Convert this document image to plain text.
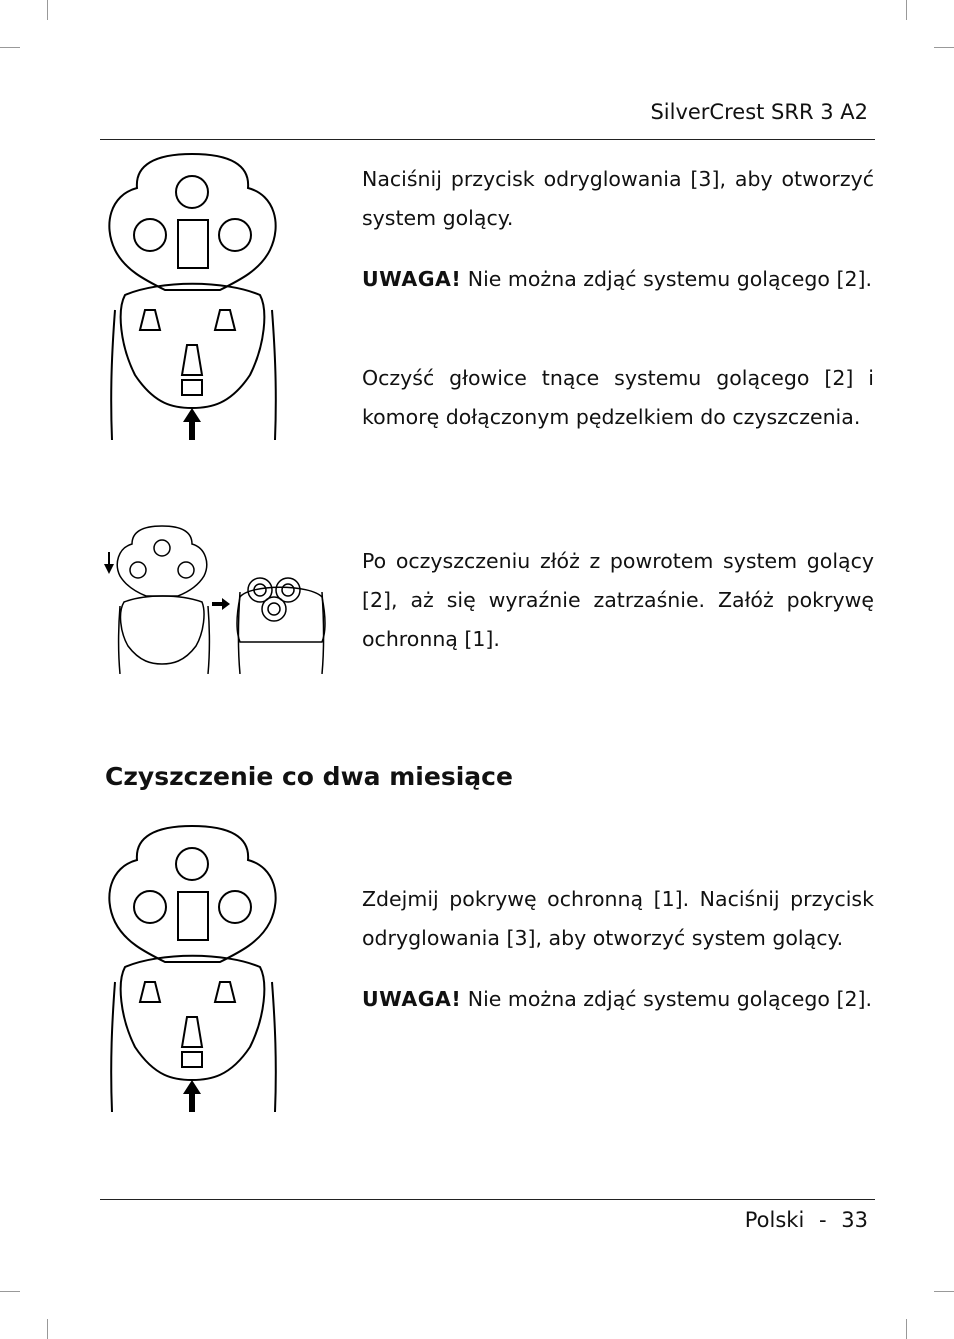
SilverCrest SRR 3 A2

Naciśnij przycisk odryglowania [3], aby otworzyć system golący.

UWAGA! Nie można zdjąć systemu golącego [2].

Oczyść głowice tnące systemu golącego [2] i komorę dołączonym pędzelkiem do czyszczenia.

Po oczyszczeniu złóż z powrotem system golący [2], aż się wyraźnie zatrzaśnie. Załóż pokrywę ochronną [1].

Czyszczenie co dwa miesiące

Zdejmij pokrywę ochronną [1]. Naciśnij przycisk odryglowania [3], aby otworzyć system golący.

UWAGA! Nie można zdjąć systemu golącego [2].

Polski - 33
